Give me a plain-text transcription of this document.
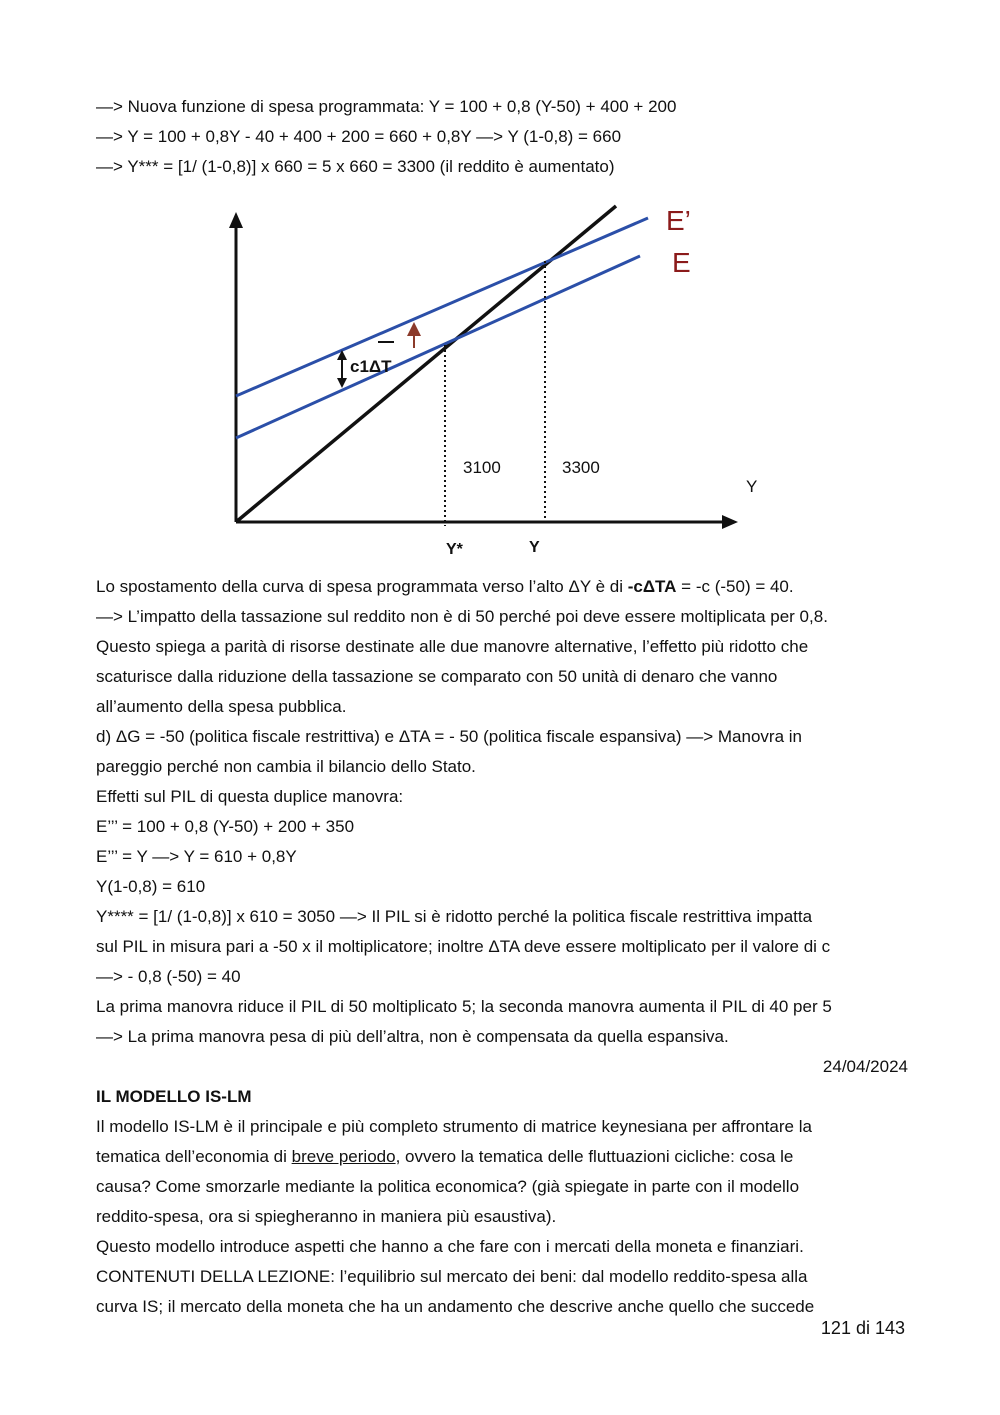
—> Nuova funzione di spesa programmata: Y = 100 + 0,8 (Y-50) + 400 + 200
—> Y = 100 + 0,8Y - 40 + 400 + 200 = 660 + 0,8Y —> Y (1-0,8) = 660
—> Y*** = [1/ (1-0,8)] x 660 = 5 x 660 = 3300 (il reddito è aumentato)
c1ΔT
E’
E
3100	3300
Y
Y*	Y
Lo spostamento della curva di spesa programmata verso l’alto ΔY è di -cΔTA = -c (-50) = 40.
—> L’impatto della tassazione sul reddito non è di 50 perché poi deve essere moltiplicata per 0,8.
Questo spiega a parità di risorse destinate alle due manovre alternative, l’effetto più ridotto che
scaturisce dalla riduzione della tassazione se comparato con 50 unità di denaro che vanno
all’aumento della spesa pubblica.
d) ΔG = -50 (politica fiscale restrittiva) e ΔTA = - 50 (politica fiscale espansiva) —> Manovra in
pareggio perché non cambia il bilancio dello Stato.
Effetti sul PIL di questa duplice manovra:
E’’’ = 100 + 0,8 (Y-50) + 200 + 350
E’’’ = Y —> Y = 610 + 0,8Y
Y(1-0,8) = 610
Y**** = [1/ (1-0,8)] x 610 = 3050 —> Il PIL si è ridotto perché la politica fiscale restrittiva impatta
sul PIL in misura pari a -50 x il moltiplicatore; inoltre ΔTA deve essere moltiplicato per il valore di c
—> - 0,8 (-50) = 40
La prima manovra riduce il PIL di 50 moltiplicato 5; la seconda manovra aumenta il PIL di 40 per 5
—> La prima manovra pesa di più dell’altra, non è compensata da quella espansiva.
24/04/2024
IL MODELLO IS-LM
Il modello IS-LM è il principale e più completo strumento di matrice keynesiana per affrontare la
tematica dell’economia di breve periodo, ovvero la tematica delle fluttuazioni cicliche: cosa le
causa? Come smorzarle mediante la politica economica? (già spiegate in parte con il modello
reddito-spesa, ora si spiegheranno in maniera più esaustiva).
Questo modello introduce aspetti che hanno a che fare con i mercati della moneta e finanziari.
CONTENUTI DELLA LEZIONE: l’equilibrio sul mercato dei beni: dal modello reddito-spesa alla
curva IS; il mercato della moneta che ha un andamento che descrive anche quello che succede
121 di 143
